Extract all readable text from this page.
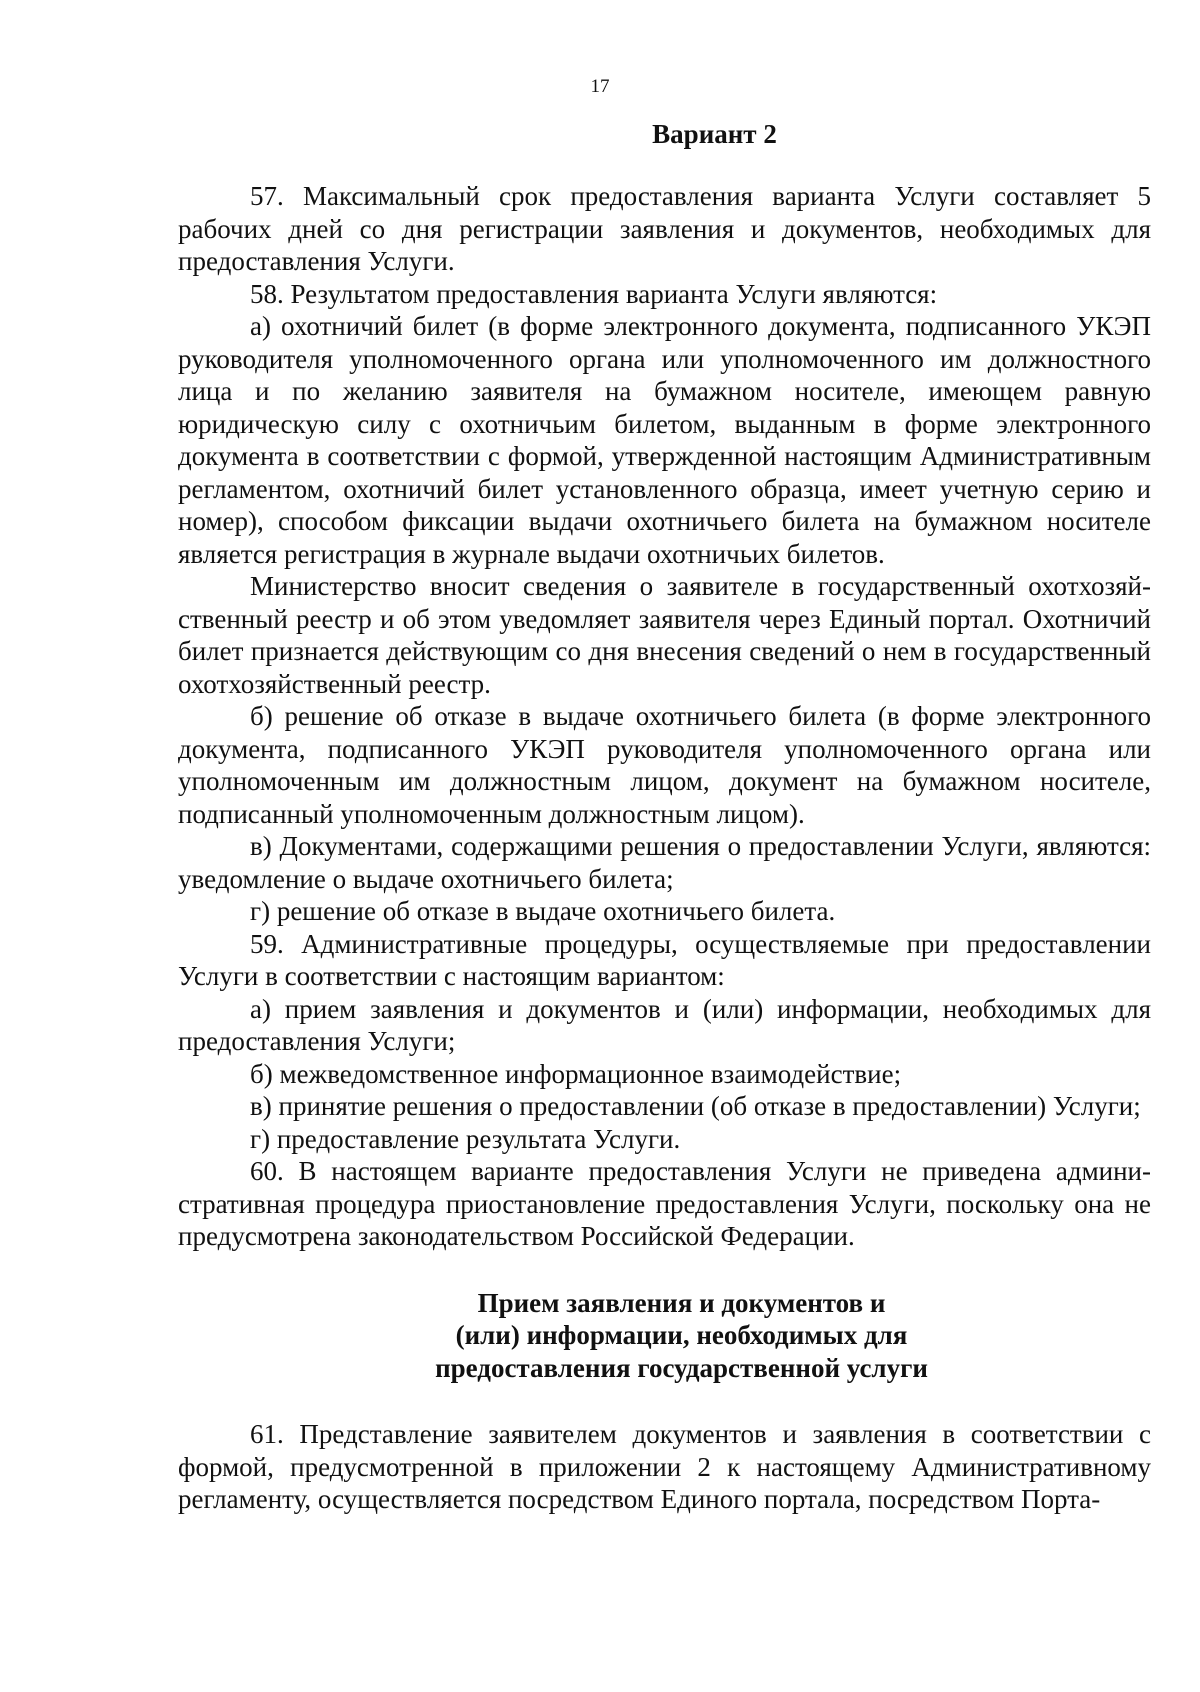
17
Вариант 2

57. Максимальный срок предоставления варианта Услуги составляет 5 рабочих дней со дня регистрации заявления и документов, необходимых для предоставления Услуги.

58. Результатом предоставления варианта Услуги являются:

а) охотничий билет (в форме электронного документа, подписанного УКЭП руководителя уполномоченного органа или уполномоченного им должностного лица и по желанию заявителя на бумажном носителе, имеющем равную юридическую силу с охотничьим билетом, выданным в форме электронного документа в соответствии с формой, утвержденной настоящим Административным регламентом, охотничий билет установленного образца, имеет учетную серию и номер), способом фиксации выдачи охотничьего билета на бумажном носителе является регистрация в журнале выдачи охотничьих билетов.

Министерство вносит сведения о заявителе в государственный охотхозяйственный реестр и об этом уведомляет заявителя через Единый портал. Охотничий билет признается действующим со дня внесения сведений о нем в государственный охотхозяйственный реестр.

б) решение об отказе в выдаче охотничьего билета (в форме электронного документа, подписанного УКЭП руководителя уполномоченного органа или уполномоченным им должностным лицом, документ на бумажном носителе, подписанный уполномоченным должностным лицом).

в) Документами, содержащими решения о предоставлении Услуги, являются: уведомление о выдаче охотничьего билета;

г) решение об отказе в выдаче охотничьего билета.

59. Административные процедуры, осуществляемые при предоставлении Услуги в соответствии с настоящим вариантом:

а) прием заявления и документов и (или) информации, необходимых для предоставления Услуги;

б) межведомственное информационное взаимодействие;

в) принятие решения о предоставлении (об отказе в предоставлении) Услуги;

г) предоставление результата Услуги.

60. В настоящем варианте предоставления Услуги не приведена административная процедура приостановление предоставления Услуги, поскольку она не предусмотрена законодательством Российской Федерации.

Прием заявления и документов и
(или) информации, необходимых для
предоставления государственной услуги

61. Представление заявителем документов и заявления в соответствии с формой, предусмотренной в приложении 2 к настоящему Административному регламенту, осуществляется посредством Единого портала, посредством Порта-
